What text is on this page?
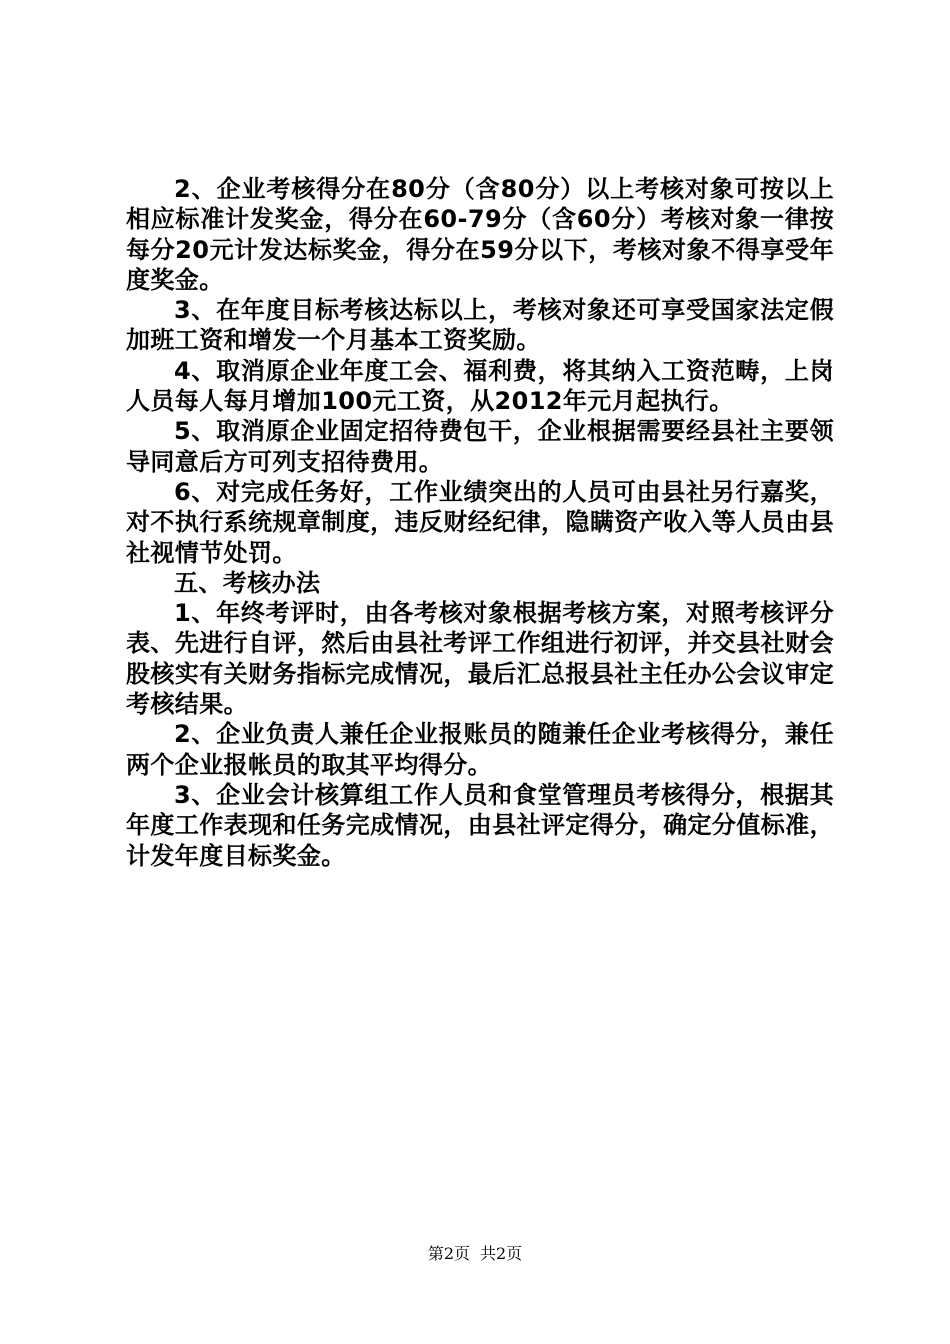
2、企业考核得分在80分（含80分）以上考核对象可按以上相应标准计发奖金，得分在60-79分（含60分）考核对象一律按每分20元计发达标奖金，得分在59分以下，考核对象不得享受年度奖金。

3、在年度目标考核达标以上，考核对象还可享受国家法定假加班工资和增发一个月基本工资奖励。

4、取消原企业年度工会、福利费，将其纳入工资范畴，上岗人员每人每月增加100元工资，从2012年元月起执行。

5、取消原企业固定招待费包干，企业根据需要经县社主要领导同意后方可列支招待费用。

6、对完成任务好，工作业绩突出的人员可由县社另行嘉奖，对不执行系统规章制度，违反财经纪律，隐瞒资产收入等人员由县社视情节处罚。

五、考核办法

1、年终考评时，由各考核对象根据考核方案，对照考核评分表、先进行自评，然后由县社考评工作组进行初评，并交县社财会股核实有关财务指标完成情况，最后汇总报县社主任办公会议审定考核结果。

2、企业负责人兼任企业报账员的随兼任企业考核得分，兼任两个企业报帐员的取其平均得分。

3、企业会计核算组工作人员和食堂管理员考核得分，根据其年度工作表现和任务完成情况，由县社评定得分，确定分值标准，计发年度目标奖金。

第2页 共2页
